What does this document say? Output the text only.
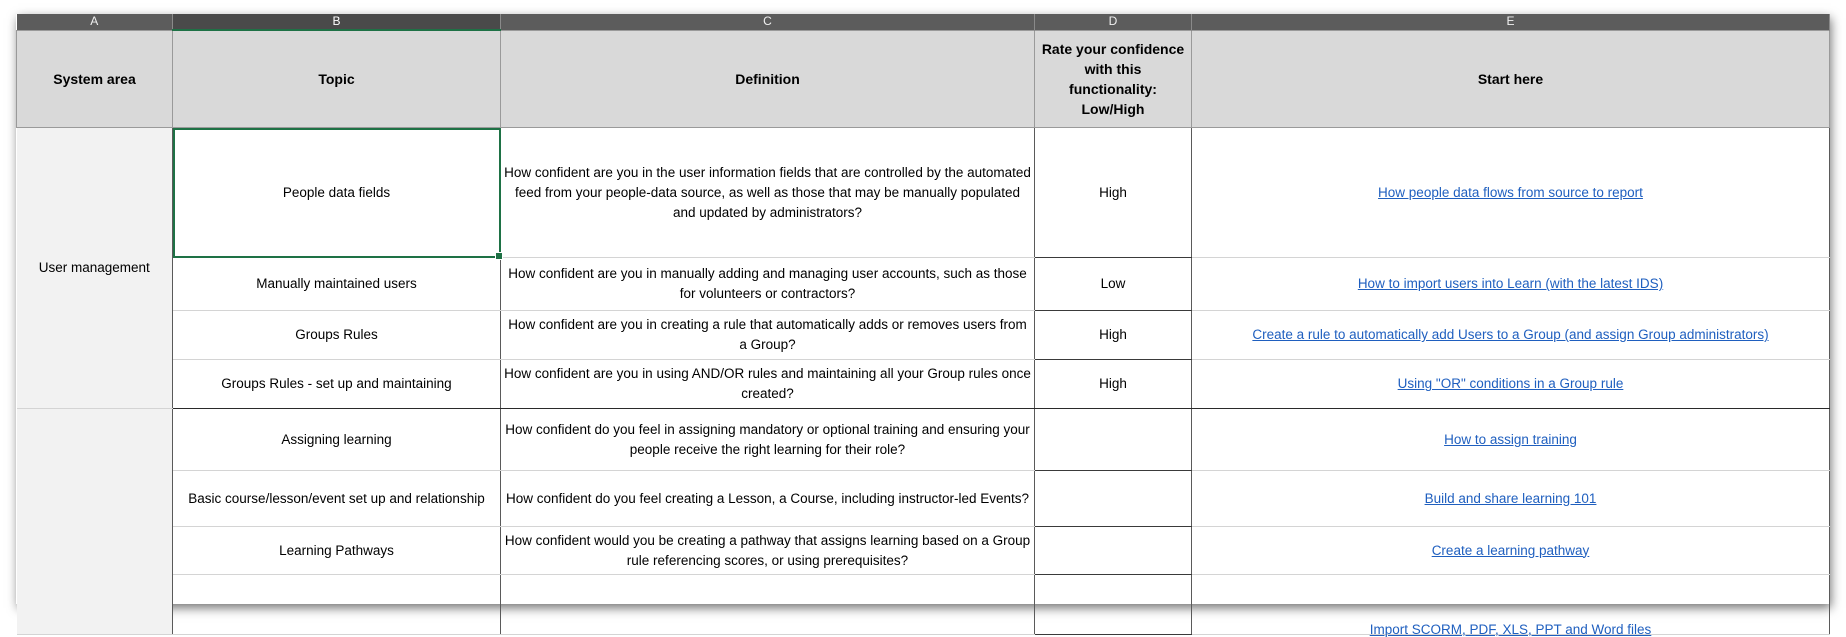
A	B	C	D	E
System area	Topic	Definition	Rate your confidence with this functionality: Low/High	Start here
User management	People data fields	How confident are you in the user information fields that are controlled by the automated feed from your people-data source, as well as those that may be manually populated and updated by administrators?	High	How people data flows from source to report
	Manually maintained users	How confident are you in manually adding and managing user accounts, such as those for volunteers or contractors?	Low	How to import users into Learn (with the latest IDS)
	Groups Rules	How confident are you in creating a rule that automatically adds or removes users from a Group?	High	Create a rule to automatically add Users to a Group (and assign Group administrators)
	Groups Rules - set up and maintaining	How confident are you in using AND/OR rules and maintaining all your Group rules once created?	High	Using "OR" conditions in a Group rule
	Assigning learning	How confident do you feel in assigning mandatory or optional training and ensuring your people receive the right learning for their role?		How to assign training
	Basic course/lesson/event set up and relationship	How confident do you feel creating a Lesson, a Course, including instructor-led Events?		Build and share learning 101
	Learning Pathways	How confident would you be creating a pathway that assigns learning based on a Group rule referencing scores, or using prerequisites?		Create a learning pathway
				Import SCORM, PDF, XLS, PPT and Word files
